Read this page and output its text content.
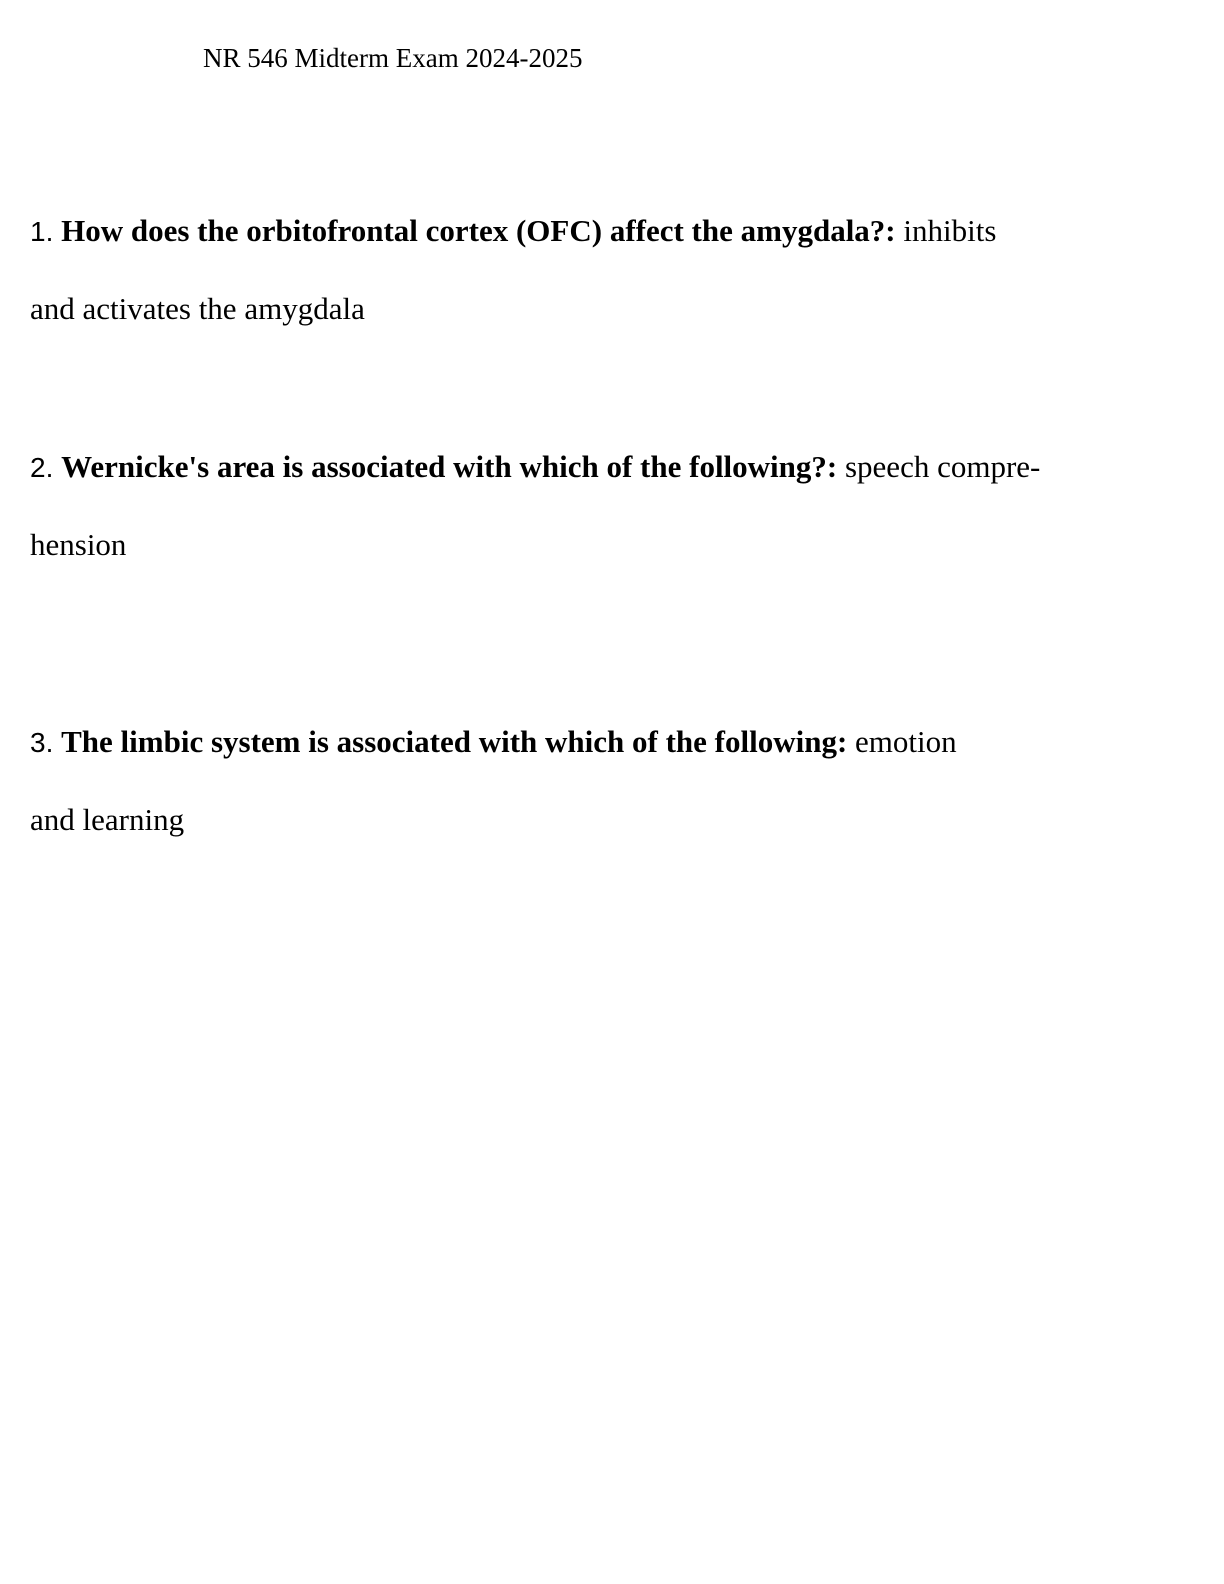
NR 546 Midterm Exam 2024-2025
1. How does the orbitofrontal cortex (OFC) affect the amygdala?: inhibits
and activates the amygdala
2. Wernicke's area is associated with which of the following?: speech compre-
hension
3. The limbic system is associated with which of the following: emotion
and learning
